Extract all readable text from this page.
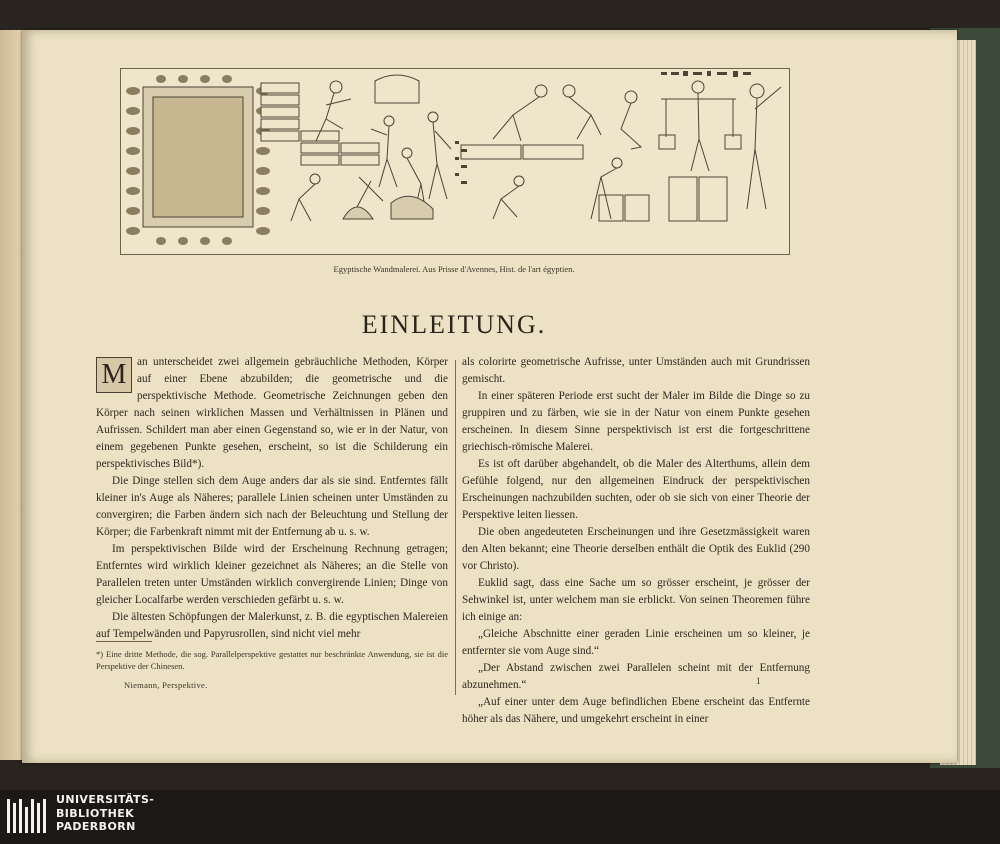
Egyptische Wandmalerei. Aus Prisse d'Avennes, Hist. de l'art égyptien.
EINLEITUNG.

M an unterscheidet zwei allgemein gebräuchliche Methoden, Körper auf einer Ebene abzubilden; die geometrische und die perspektivische Methode. Geometrische Zeichnungen geben den Körper nach seinen wirklichen Massen und Verhältnissen in Plänen und Aufrissen. Schildert man aber einen Gegenstand so, wie er in der Natur, von einem gegebenen Punkte gesehen, erscheint, so ist die Schilderung ein perspektivisches Bild*).

Die Dinge stellen sich dem Auge anders dar als sie sind. Entferntes fällt kleiner in's Auge als Näheres; parallele Linien scheinen unter Umständen zu convergiren; die Farben ändern sich nach der Beleuchtung und Stellung der Körper; die Farbenkraft nimmt mit der Entfernung ab u. s. w.

Im perspektivischen Bilde wird der Erscheinung Rechnung getragen; Entferntes wird wirklich kleiner gezeichnet als Näheres; an die Stelle von Parallelen treten unter Umständen wirklich convergirende Linien; Dinge von gleicher Localfarbe werden verschieden gefärbt u. s. w.

Die ältesten Schöpfungen der Malerkunst, z. B. die egyptischen Malereien auf Tempelwänden und Papyrusrollen, sind nicht viel mehr

als colorirte geometrische Aufrisse, unter Umständen auch mit Grundrissen gemischt.

In einer späteren Periode erst sucht der Maler im Bilde die Dinge so zu gruppiren und zu färben, wie sie in der Natur von einem Punkte gesehen erscheinen. In diesem Sinne perspektivisch ist erst die fortgeschrittene griechisch-römische Malerei.

Es ist oft darüber abgehandelt, ob die Maler des Alterthums, allein dem Gefühle folgend, nur den allgemeinen Eindruck der perspektivischen Erscheinungen nachzubilden suchten, oder ob sie sich von einer Theorie der Perspektive leiten liessen.

Die oben angedeuteten Erscheinungen und ihre Gesetzmässigkeit waren den Alten bekannt; eine Theorie derselben enthält die Optik des Euklid (290 vor Christo).

Euklid sagt, dass eine Sache um so grösser erscheint, je grösser der Sehwinkel ist, unter welchem man sie erblickt. Von seinen Theoremen führe ich einige an:

„Gleiche Abschnitte einer geraden Linie erscheinen um so kleiner, je entfernter sie vom Auge sind.“

„Der Abstand zwischen zwei Parallelen scheint mit der Entfernung abzunehmen.“

„Auf einer unter dem Auge befindlichen Ebene erscheint das Entfernte höher als das Nähere, und umgekehrt erscheint in einer

*) Eine dritte Methode, die sog. Parallelperspektive gestattet nur beschränkte Anwendung, sie ist die Perspektive der Chinesen.
Niemann, Perspektive.	1
UNIVERSITÄTS-
BIBLIOTHEK
PADERBORN
